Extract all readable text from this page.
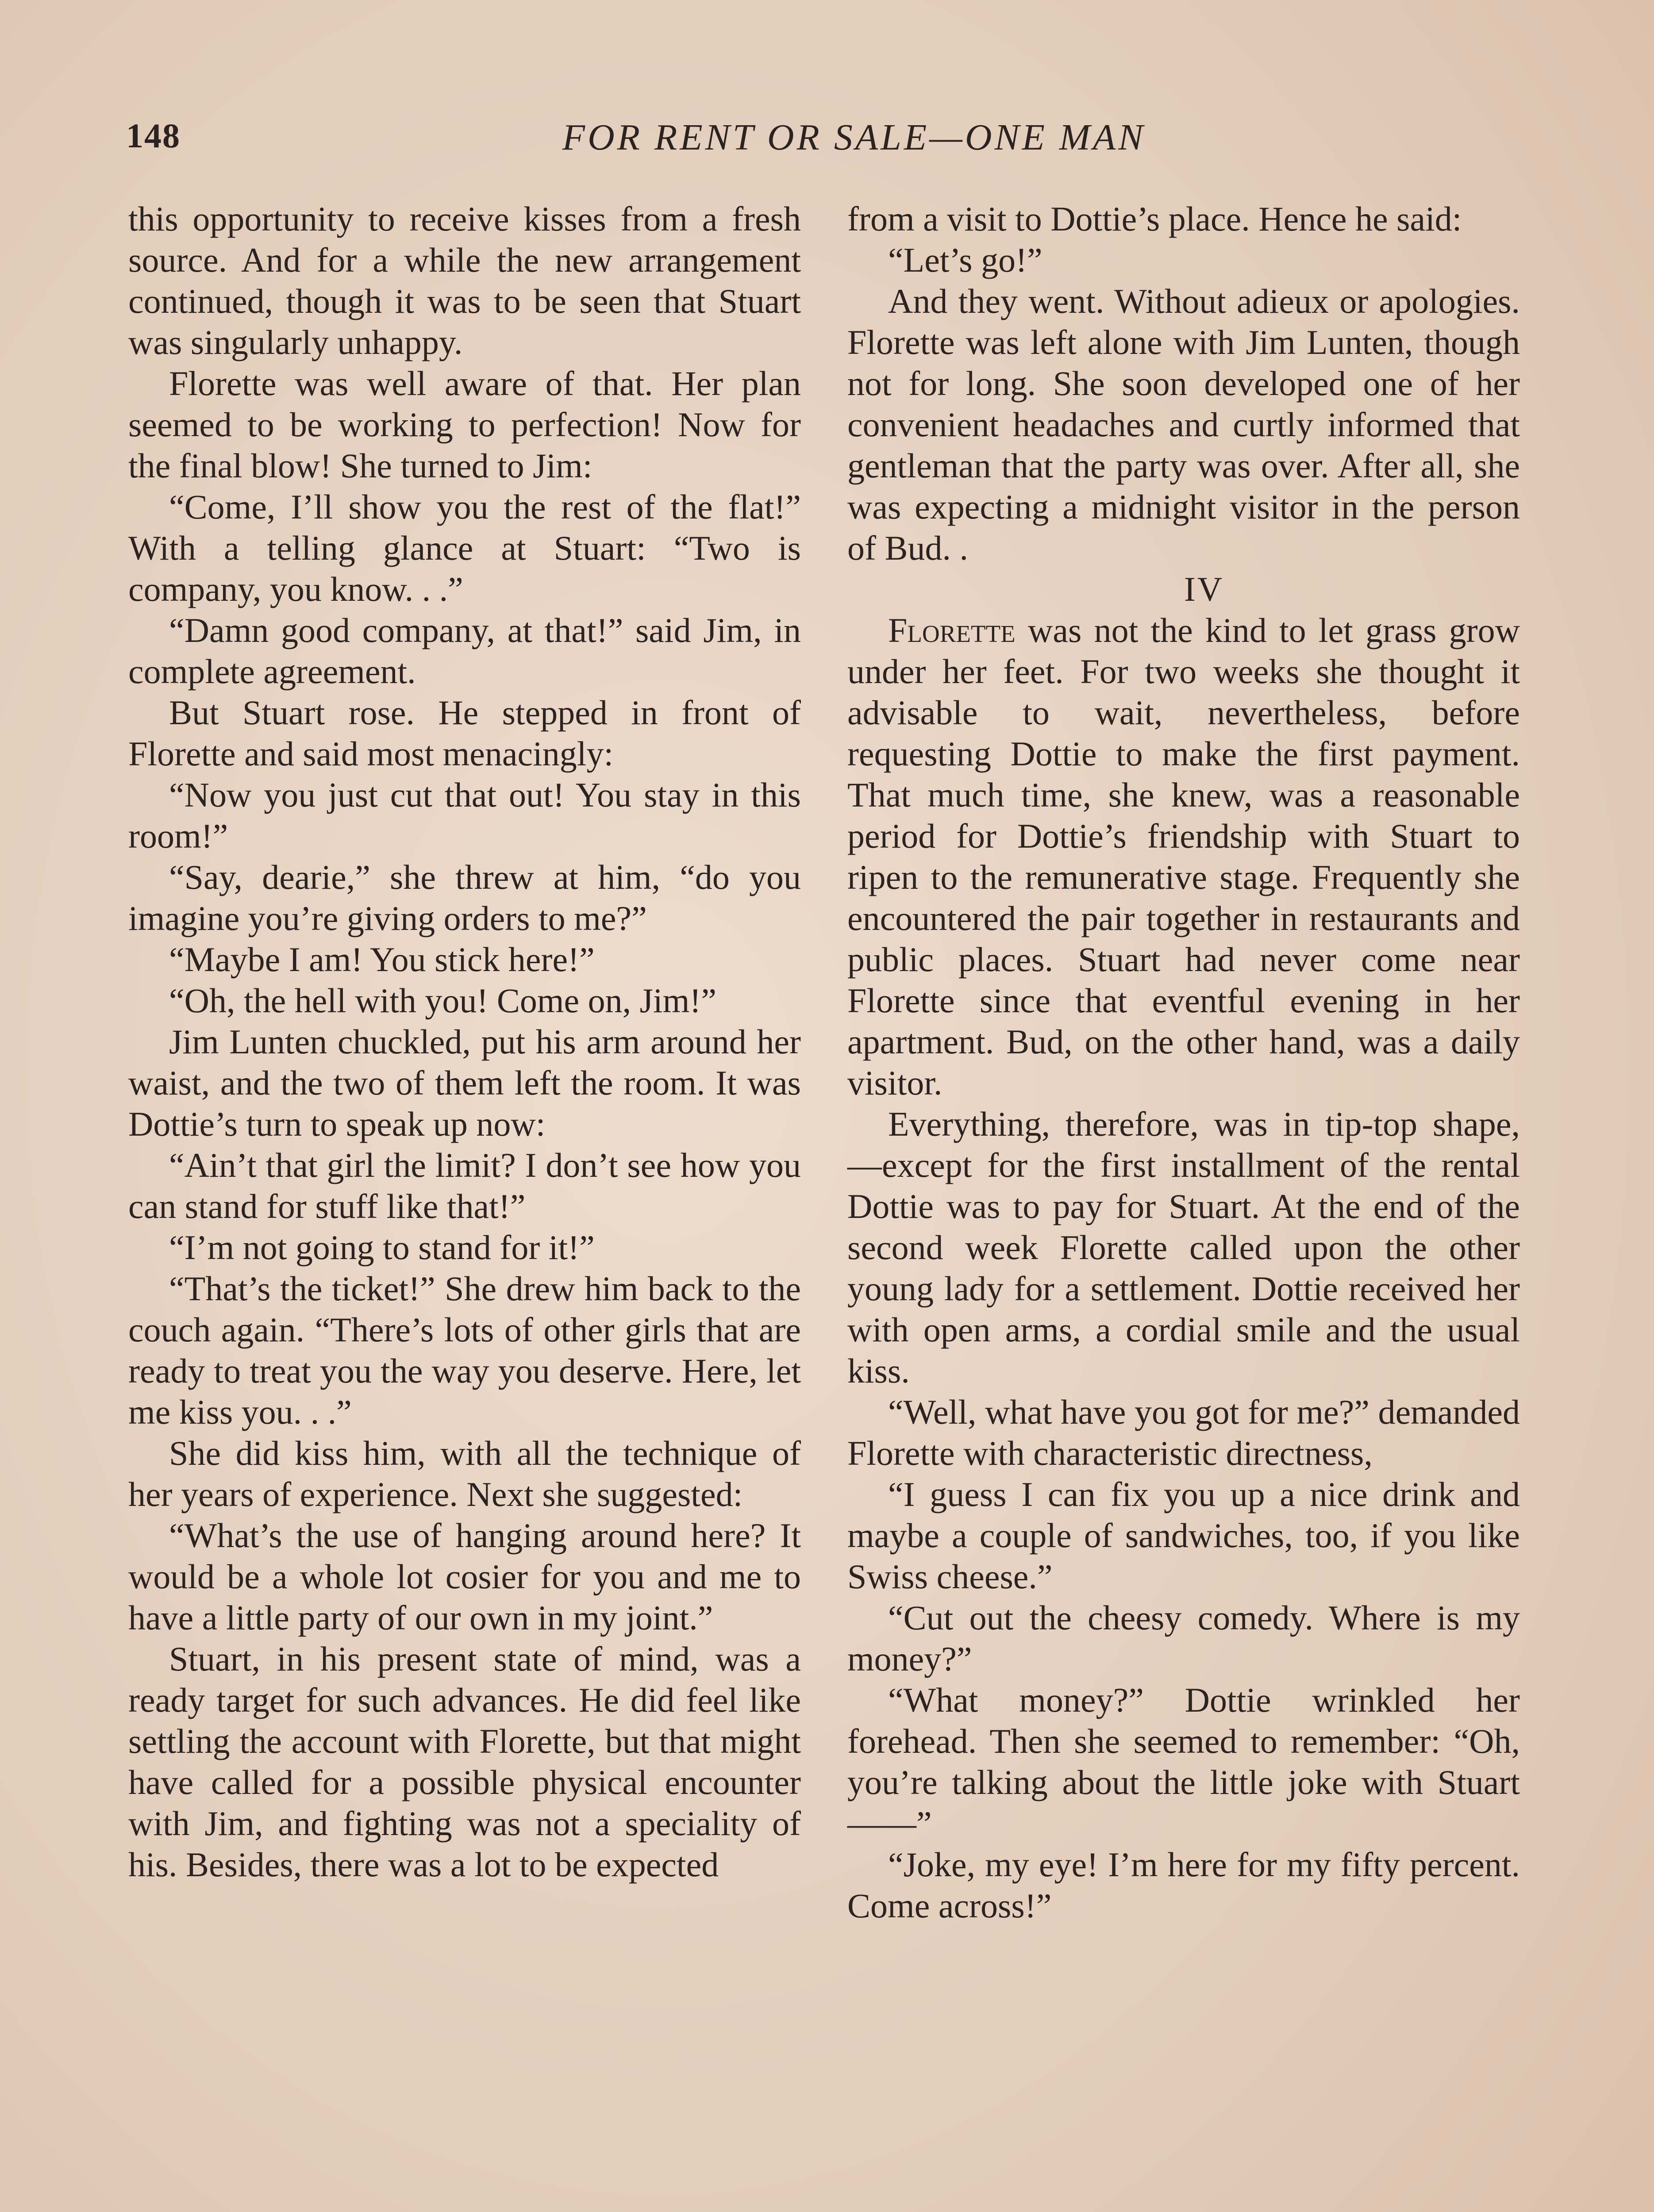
148	FOR RENT OR SALE—ONE MAN

this opportunity to receive kisses from a fresh source. And for a while the new arrangement continued, though it was to be seen that Stuart was singularly unhappy.

Florette was well aware of that. Her plan seemed to be working to perfection! Now for the final blow! She turned to Jim:

“Come, I’ll show you the rest of the flat!” With a telling glance at Stuart: “Two is company, you know. . .”

“Damn good company, at that!” said Jim, in complete agreement.

But Stuart rose. He stepped in front of Florette and said most menacingly:

“Now you just cut that out! You stay in this room!”

“Say, dearie,” she threw at him, “do you imagine you’re giving orders to me?”

“Maybe I am! You stick here!”

“Oh, the hell with you! Come on, Jim!”

Jim Lunten chuckled, put his arm around her waist, and the two of them left the room. It was Dottie’s turn to speak up now:

“Ain’t that girl the limit? I don’t see how you can stand for stuff like that!”

“I’m not going to stand for it!”

“That’s the ticket!” She drew him back to the couch again. “There’s lots of other girls that are ready to treat you the way you deserve. Here, let me kiss you. . .”

She did kiss him, with all the technique of her years of experience. Next she suggested:

“What’s the use of hanging around here? It would be a whole lot cosier for you and me to have a little party of our own in my joint.”

Stuart, in his present state of mind, was a ready target for such advances. He did feel like settling the account with Florette, but that might have called for a possible physical encounter with Jim, and fighting was not a speciality of his. Besides, there was a lot to be expected

from a visit to Dottie’s place. Hence he said:

“Let’s go!”

And they went. Without adieux or apologies. Florette was left alone with Jim Lunten, though not for long. She soon developed one of her convenient headaches and curtly informed that gentleman that the party was over. After all, she was expecting a midnight visitor in the person of Bud. .

IV

Florette was not the kind to let grass grow under her feet. For two weeks she thought it advisable to wait, nevertheless, before requesting Dottie to make the first payment. That much time, she knew, was a reasonable period for Dottie’s friendship with Stuart to ripen to the remunerative stage. Frequently she encountered the pair together in restaurants and public places. Stuart had never come near Florette since that eventful evening in her apartment. Bud, on the other hand, was a daily visitor.

Everything, therefore, was in tip-top shape,—except for the first installment of the rental Dottie was to pay for Stuart. At the end of the second week Florette called upon the other young lady for a settlement. Dottie received her with open arms, a cordial smile and the usual kiss.

“Well, what have you got for me?” demanded Florette with characteristic directness,

“I guess I can fix you up a nice drink and maybe a couple of sandwiches, too, if you like Swiss cheese.”

“Cut out the cheesy comedy. Where is my money?”

“What money?” Dottie wrinkled her forehead. Then she seemed to remember: “Oh, you’re talking about the little joke with Stuart——”

“Joke, my eye! I’m here for my fifty percent. Come across!”
